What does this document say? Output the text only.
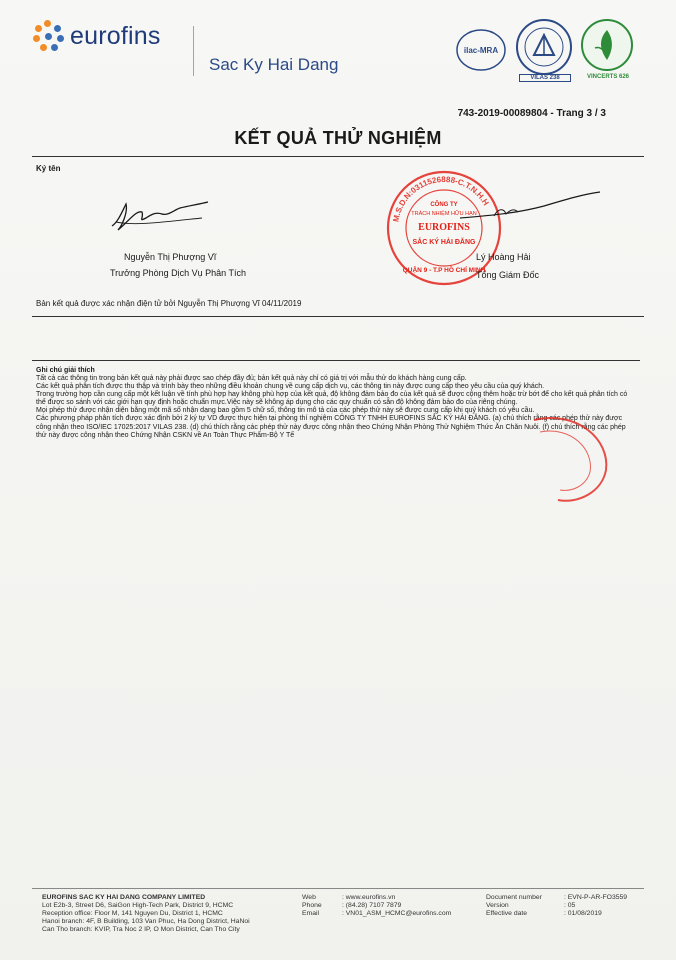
eurofins
Sac Ky Hai Dang
ilac-MRA
VILAS 238	VINCERTS 626
743-2019-00089804 - Trang 3 / 3
KẾT QUẢ THỬ NGHIỆM
Ký tên
Nguyễn Thị Phượng Vĩ
Trưởng Phòng Dịch Vụ Phân Tích
M.S.D.N:0311526888-C.T.N.H.H
CÔNG TY
TRÁCH NHIỆM HỮU HẠN
EUROFINS
SẮC KÝ HẢI ĐĂNG
QUẬN 9 - T.P HỒ CHÍ MINH
Lý Hoàng Hải
Tổng Giám Đốc
Bản kết quả được xác nhận điện tử bởi Nguyễn Thị Phượng Vĩ 04/11/2019
Ghi chú giải thích

Tất cả các thông tin trong bản kết quả này phải được sao chép đầy đủ; bản kết quả này chỉ có giá trị với mẫu thử do khách hàng cung cấp.

Các kết quả phân tích được thu thập và trình bày theo những điều khoản chung về cung cấp dịch vụ, các thông tin này được cung cấp theo yêu cầu của quý khách.

Trong trường hợp cần cung cấp một kết luận về tính phù hợp hay không phù hợp của kết quả, độ không đảm bảo đo của kết quả sẽ được cộng thêm hoặc trừ bớt để cho kết quả phân tích có thể được so sánh với các giới hạn quy định hoặc chuẩn mực.Việc này sẽ không áp dụng cho các quy chuẩn có sẵn độ không đảm bảo đo của riêng chúng.

Mọi phép thử được nhận diện bằng một mã số nhận dạng bao gồm 5 chữ số, thông tin mô tả của các phép thử này sẽ được cung cấp khi quý khách có yêu cầu.

Các phương pháp phân tích được xác định bởi 2 ký tự VD được thực hiện tại phòng thí nghiệm CÔNG TY TNHH EUROFINS SẮC KÝ HẢI ĐĂNG. (a) chú thích rằng các phép thử này được công nhận theo ISO/IEC 17025:2017 VILAS 238. (d) chú thích rằng các phép thử này được công nhận theo Chứng Nhận Phòng Thử Nghiệm Thức Ăn Chăn Nuôi. (f) chú thích rằng các phép thử này được công nhận theo Chứng Nhận CSKN về An Toàn Thực Phẩm-Bộ Y Tế

EUROFINS SAC KY HAI DANG COMPANY LIMITED
Lot E2b-3, Street D6, SaiGon High-Tech Park, District 9, HCMC
Reception office: Floor M, 141 Nguyen Du, District 1, HCMC
Hanoi branch: 4F, B Building, 103 Van Phuc, Ha Dong District, HaNoi
Can Tho branch: KVIP, Tra Noc 2 IP, O Mon District, Can Tho City
Web
Phone
Email
: www.eurofins.vn
: (84.28) 7107 7879
: VN01_ASM_HCMC@eurofins.com
Document number
Version
Effective date
: EVN-P-AR-FO3559
: 05
: 01/08/2019
